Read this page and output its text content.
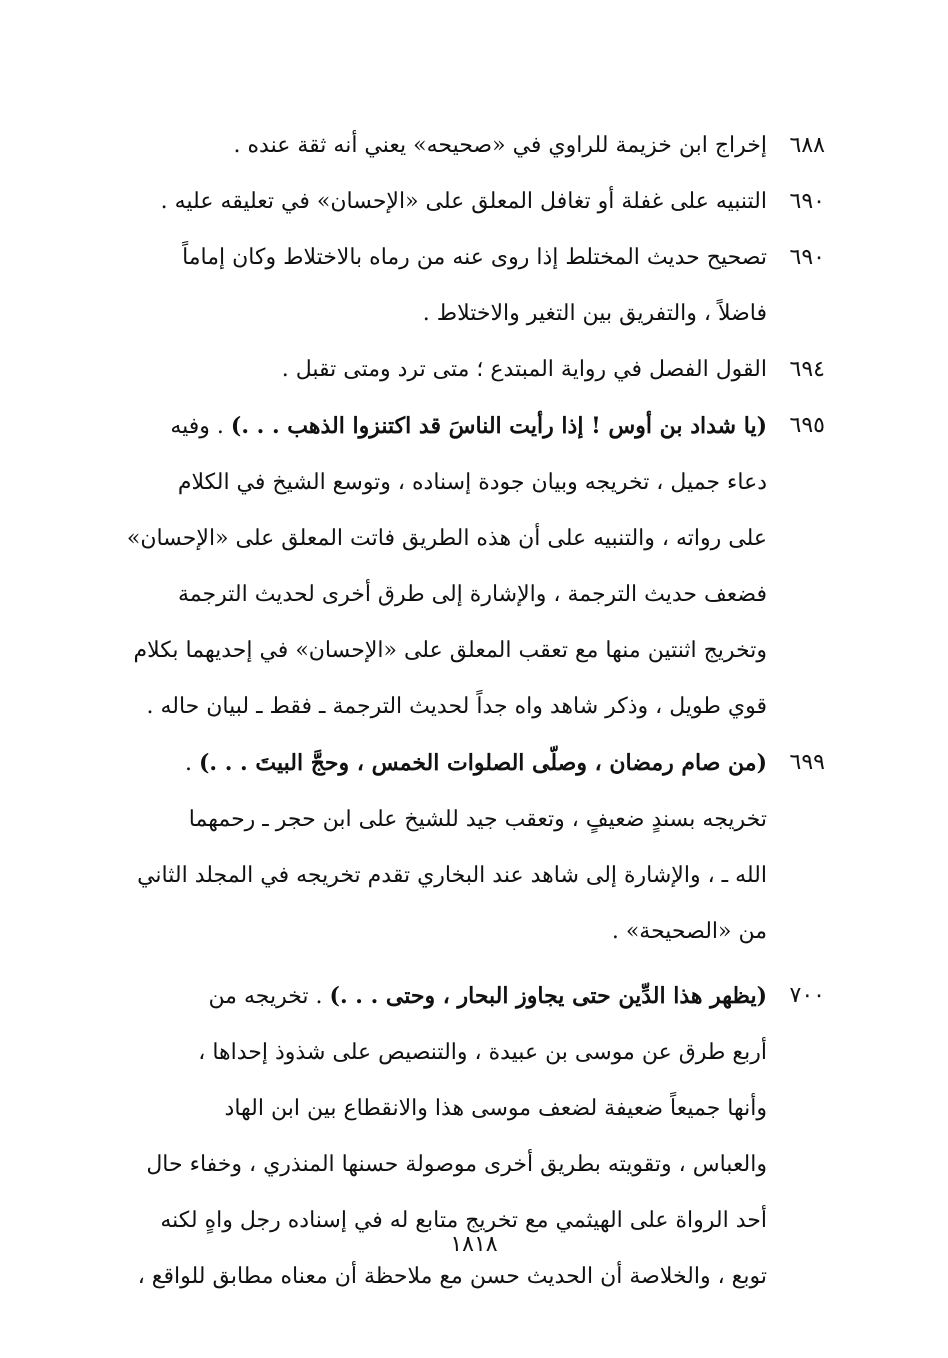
٦٨٨
إخراج ابن خزيمة للراوي في «صحيحه» يعني أنه ثقة عنده .
٦٩٠
التنبيه على غفلة أو تغافل المعلق على «الإحسان» في تعليقه عليه .
٦٩٠
تصحيح حديث المختلط إذا روى عنه من رماه بالاختلاط وكان إماماً
فاضلاً ، والتفريق بين التغير والاختلاط .
٦٩٤
القول الفصل في رواية المبتدع ؛ متى ترد ومتى تقبل .
٦٩٥
(يا شداد بن أوس ! إذا رأيت الناسَ قد اكتنزوا الذهب . . .) . وفيه
دعاء جميل ، تخريجه وبيان جودة إسناده ، وتوسع الشيخ في الكلام
على رواته ، والتنبيه على أن هذه الطريق فاتت المعلق على «الإحسان»
فضعف حديث الترجمة ، والإشارة إلى طرق أخرى لحديث الترجمة
وتخريج اثنتين منها مع تعقب المعلق على «الإحسان» في إحديهما بكلام
قوي طويل ، وذكر شاهد واه جداً لحديث الترجمة ـ فقط ـ لبيان حاله .
٦٩٩
(من صام رمضان ، وصلّى الصلوات الخمس ، وحجَّ البيتَ . . .) .
تخريجه بسندٍ ضعيفٍ ، وتعقب جيد للشيخ على ابن حجر ـ رحمهما
الله ـ ، والإشارة إلى شاهد عند البخاري تقدم تخريجه في المجلد الثاني
من «الصحيحة» .
٧٠٠
(يظهر هذا الدِّين حتى يجاوز البحار ، وحتى . . .) . تخريجه من
أربع طرق عن موسى بن عبيدة ، والتنصيص على شذوذ إحداها ،
وأنها جميعاً ضعيفة لضعف موسى هذا والانقطاع بين ابن الهاد
والعباس ، وتقويته بطريق أخرى موصولة حسنها المنذري ، وخفاء حال
أحد الرواة على الهيثمي مع تخريج متابع له في إسناده رجل واهٍ لكنه
توبع ، والخلاصة أن الحديث حسن مع ملاحظة أن معناه مطابق للواقع ،
١٨١٨
